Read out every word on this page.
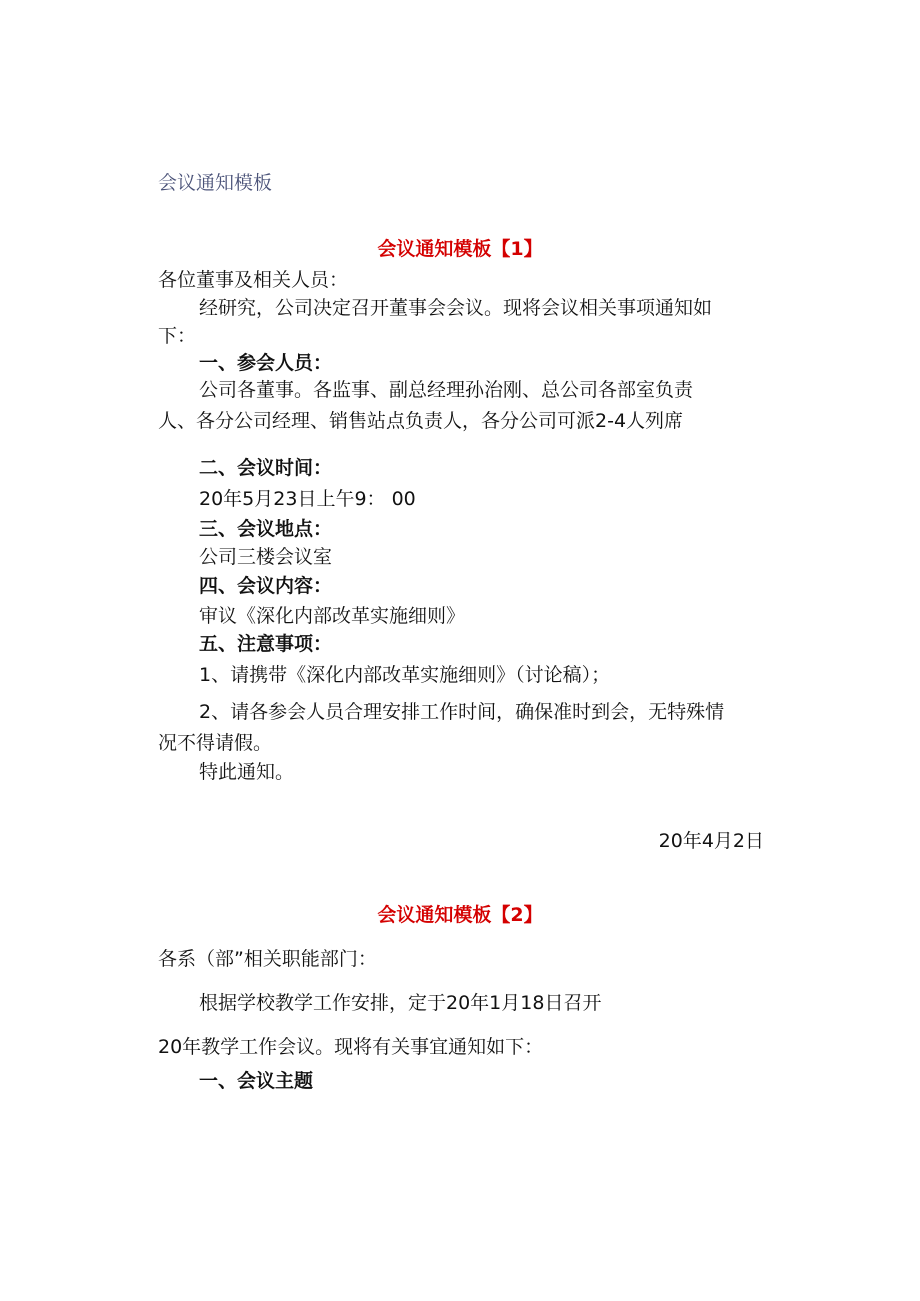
会议通知模板
会议通知模板【1】
各位董事及相关人员：
经研究，公司决定召开董事会会议。现将会议相关事项通知如
下：
一、参会人员：
公司各董事。各监事、副总经理孙治刚、总公司各部室负责
人、各分公司经理、销售站点负责人，各分公司可派2-4人列席
二、会议时间：
20年5月23日上午9： 00
三、会议地点：
公司三楼会议室
四、会议内容：
审议《深化内部改革实施细则》
五、注意事项：
1、请携带《深化内部改革实施细则》（讨论稿）；
2、请各参会人员合理安排工作时间，确保准时到会，无特殊情
况不得请假。
特此通知。
20年4月2日
会议通知模板【2】
各系（部”相关职能部门：
根据学校教学工作安排，定于20年1月18日召开
20年教学工作会议。现将有关事宜通知如下：
一、会议主题
